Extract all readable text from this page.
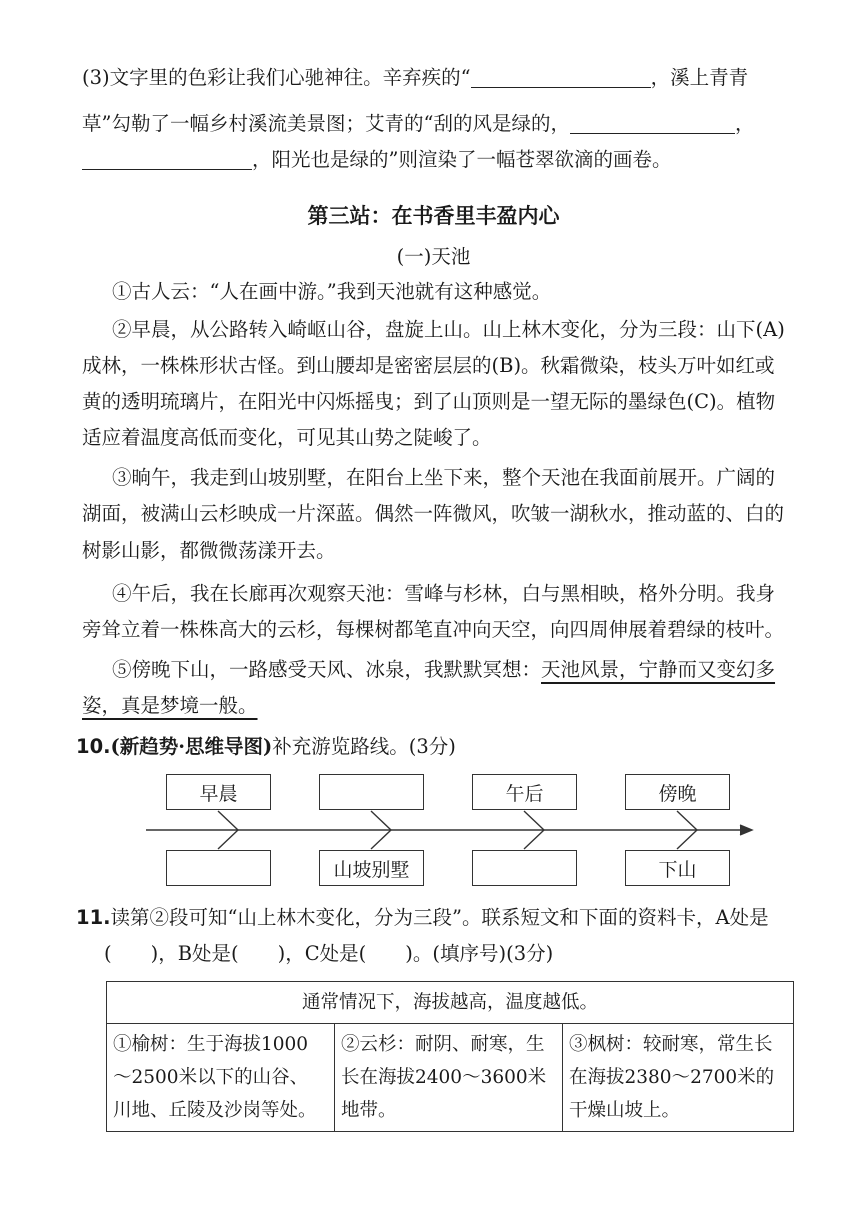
(3)文字里的色彩让我们心驰神往。辛弃疾的“	，溪上青青
草”勾勒了一幅乡村溪流美景图；艾青的“刮的风是绿的，	，
，阳光也是绿的”则渲染了一幅苍翠欲滴的画卷。
第三站：在书香里丰盈内心
(一)天池
①古人云：“人在画中游。”我到天池就有这种感觉。
②早晨，从公路转入崎岖山谷，盘旋上山。山上林木变化，分为三段：山下(A)
成林，一株株形状古怪。到山腰却是密密层层的(B)。秋霜微染，枝头万叶如红或
黄的透明琉璃片，在阳光中闪烁摇曳；到了山顶则是一望无际的墨绿色(C)。植物
适应着温度高低而变化，可见其山势之陡峻了。
③晌午，我走到山坡别墅，在阳台上坐下来，整个天池在我面前展开。广阔的
湖面，被满山云杉映成一片深蓝。偶然一阵微风，吹皱一湖秋水，推动蓝的、白的
树影山影，都微微荡漾开去。
④午后，我在长廊再次观察天池：雪峰与杉林，白与黑相映，格外分明。我身
旁耸立着一株株高大的云杉，每棵树都笔直冲向天空，向四周伸展着碧绿的枝叶。
⑤傍晚下山，一路感受天风、冰泉，我默默冥想：天池风景，宁静而又变幻多
姿，真是梦境一般。
10.(新趋势·思维导图)补充游览路线。(3分)
早晨	午后	傍晚
山坡别墅	下山
11.读第②段可知“山上林木变化，分为三段”。联系短文和下面的资料卡，A处是
(　　)，B处是(　　)，C处是(　　)。(填序号)(3分)
通常情况下，海拔越高，温度越低。

①榆树：生于海拔1000
～2500米以下的山谷、
川地、丘陵及沙岗等处。

②云杉：耐阴、耐寒，生
长在海拔2400～3600米
地带。

③枫树：较耐寒，常生长
在海拔2380～2700米的
干燥山坡上。
